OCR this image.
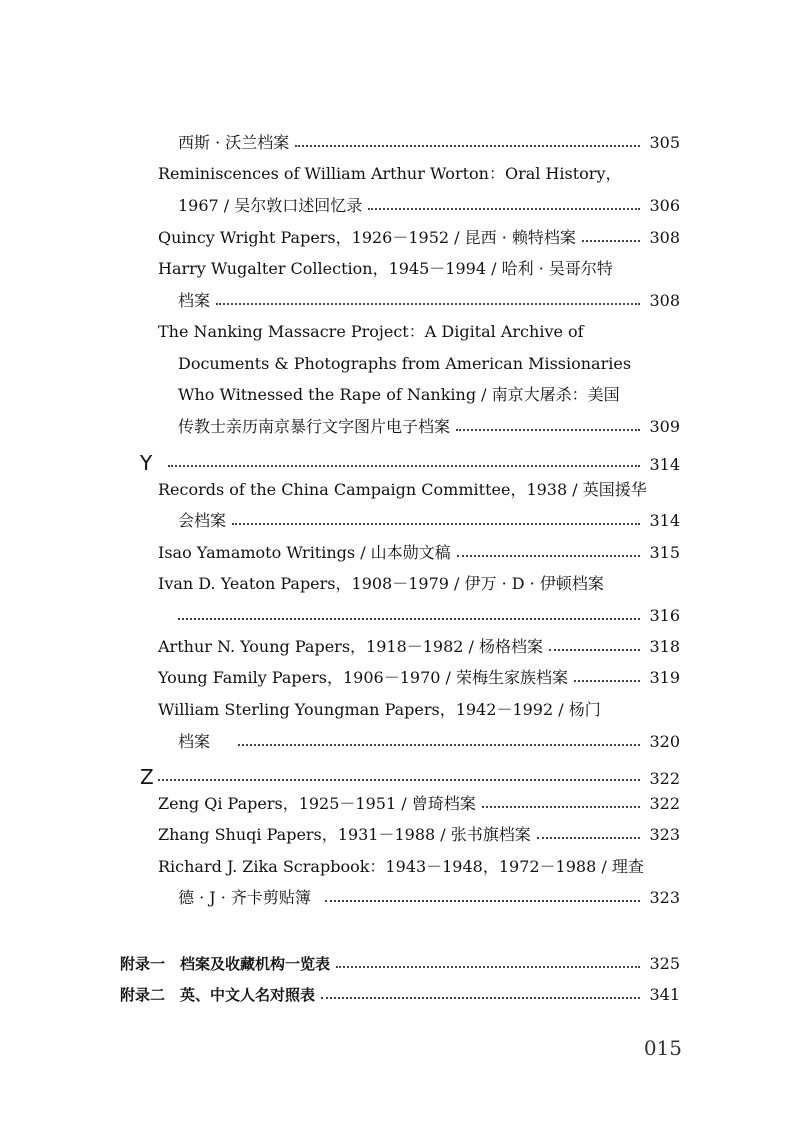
西斯 · 沃兰档案	305
Reminiscences of William Arthur Worton：Oral History，
1967 / 吴尔敦口述回忆录	306
Quincy Wright Papers，1926－1952 / 昆西 · 赖特档案	308
Harry Wugalter Collection，1945－1994 / 哈利 · 吴哥尔特
档案	308
The Nanking Massacre Project：A Digital Archive of
Documents & Photographs from American Missionaries
Who Witnessed the Rape of Nanking / 南京大屠杀：美国
传教士亲历南京暴行文字图片电子档案	309
Y	314
Records of the China Campaign Committee，1938 / 英国援华
会档案	314
Isao Yamamoto Writings / 山本勋文稿	315
Ivan D. Yeaton Papers，1908－1979 / 伊万 · D · 伊顿档案
316
Arthur N. Young Papers，1918－1982 / 杨格档案	318
Young Family Papers，1906－1970 / 荣梅生家族档案	319
William Sterling Youngman Papers，1942－1992 / 杨门
档案	320
Z	322
Zeng Qi Papers，1925－1951 / 曾琦档案	322
Zhang Shuqi Papers，1931－1988 / 张书旗档案	323
Richard J. Zika Scrapbook：1943－1948，1972－1988 / 理查
德 · J · 齐卡剪贴簿	323
附录一　档案及收藏机构一览表	325
附录二　英、中文人名对照表	341
015
